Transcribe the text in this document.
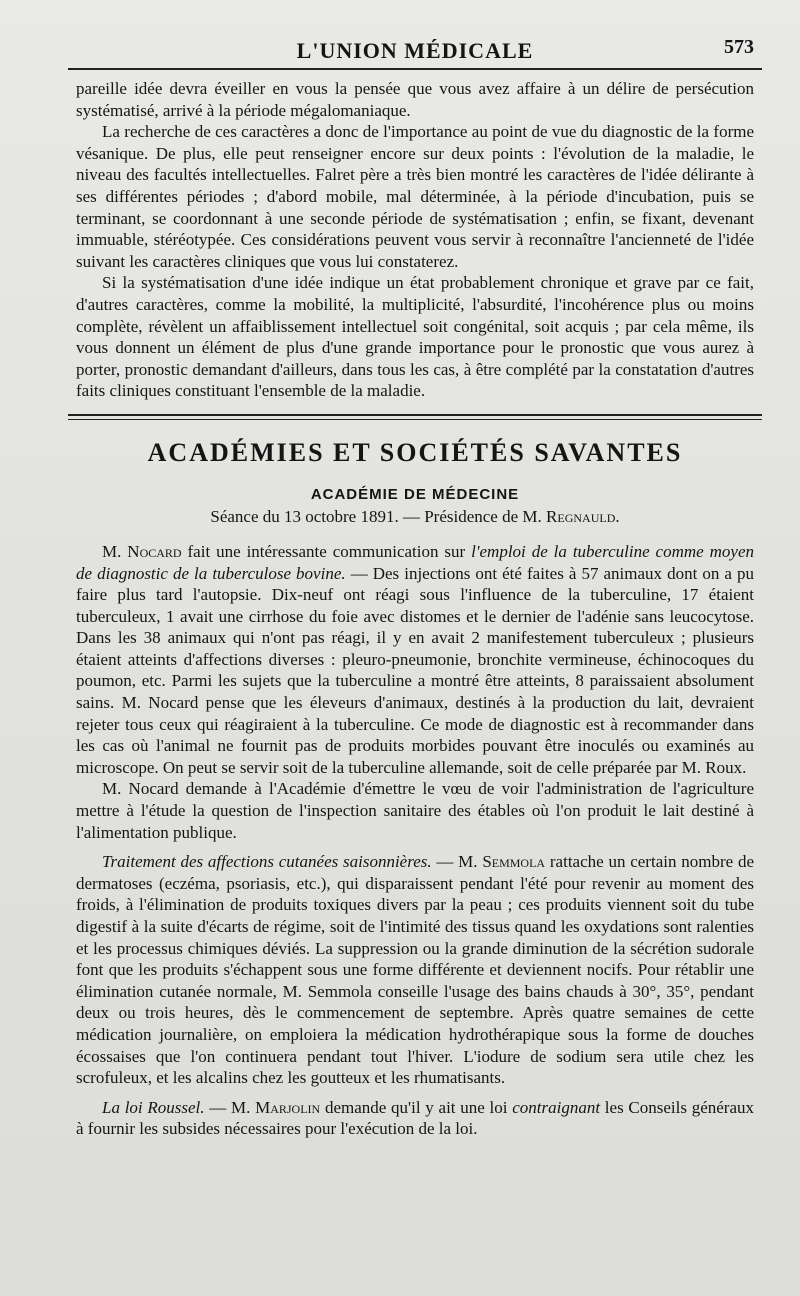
L'UNION MÉDICALE	573

pareille idée devra éveiller en vous la pensée que vous avez affaire à un délire de persécution systématisé, arrivé à la période mégalomaniaque.

La recherche de ces caractères a donc de l'importance au point de vue du diagnostic de la forme vésanique. De plus, elle peut renseigner encore sur deux points : l'évolution de la maladie, le niveau des facultés intellectuelles. Falret père a très bien montré les caractères de l'idée délirante à ses différentes périodes ; d'abord mobile, mal déterminée, à la période d'incubation, puis se terminant, se coordonnant à une seconde période de systématisation ; enfin, se fixant, devenant immuable, stéréotypée. Ces considérations peuvent vous servir à reconnaître l'ancienneté de l'idée suivant les caractères cliniques que vous lui constaterez.

Si la systématisation d'une idée indique un état probablement chronique et grave par ce fait, d'autres caractères, comme la mobilité, la multiplicité, l'absurdité, l'incohérence plus ou moins complète, révèlent un affaiblissement intellectuel soit congénital, soit acquis ; par cela même, ils vous donnent un élément de plus d'une grande importance pour le pronostic que vous aurez à porter, pronostic demandant d'ailleurs, dans tous les cas, à être complété par la constatation d'autres faits cliniques constituant l'ensemble de la maladie.

ACADÉMIES ET SOCIÉTÉS SAVANTES
ACADÉMIE DE MÉDECINE
Séance du 13 octobre 1891. — Présidence de M. Regnauld.

M. Nocard fait une intéressante communication sur l'emploi de la tuberculine comme moyen de diagnostic de la tuberculose bovine. — Des injections ont été faites à 57 animaux dont on a pu faire plus tard l'autopsie. Dix-neuf ont réagi sous l'influence de la tuberculine, 17 étaient tuberculeux, 1 avait une cirrhose du foie avec distomes et le dernier de l'adénie sans leucocytose. Dans les 38 animaux qui n'ont pas réagi, il y en avait 2 manifestement tuberculeux ; plusieurs étaient atteints d'affections diverses : pleuro-pneumonie, bronchite vermineuse, échinocoques du poumon, etc. Parmi les sujets que la tuberculine a montré être atteints, 8 paraissaient absolument sains. M. Nocard pense que les éleveurs d'animaux, destinés à la production du lait, devraient rejeter tous ceux qui réagiraient à la tuberculine. Ce mode de diagnostic est à recommander dans les cas où l'animal ne fournit pas de produits morbides pouvant être inoculés ou examinés au microscope. On peut se servir soit de la tuberculine allemande, soit de celle préparée par M. Roux.

M. Nocard demande à l'Académie d'émettre le vœu de voir l'administration de l'agriculture mettre à l'étude la question de l'inspection sanitaire des étables où l'on produit le lait destiné à l'alimentation publique.

Traitement des affections cutanées saisonnières. — M. Semmola rattache un certain nombre de dermatoses (eczéma, psoriasis, etc.), qui disparaissent pendant l'été pour revenir au moment des froids, à l'élimination de produits toxiques divers par la peau ; ces produits viennent soit du tube digestif à la suite d'écarts de régime, soit de l'intimité des tissus quand les oxydations sont ralenties et les processus chimiques déviés. La suppression ou la grande diminution de la sécrétion sudorale font que les produits s'échappent sous une forme différente et deviennent nocifs. Pour rétablir une élimination cutanée normale, M. Semmola conseille l'usage des bains chauds à 30°, 35°, pendant deux ou trois heures, dès le commencement de septembre. Après quatre semaines de cette médication journalière, on emploiera la médication hydrothérapique sous la forme de douches écossaises que l'on continuera pendant tout l'hiver. L'iodure de sodium sera utile chez les scrofuleux, et les alcalins chez les goutteux et les rhumatisants.

La loi Roussel. — M. Marjolin demande qu'il y ait une loi contraignant les Conseils généraux à fournir les subsides nécessaires pour l'exécution de la loi.
